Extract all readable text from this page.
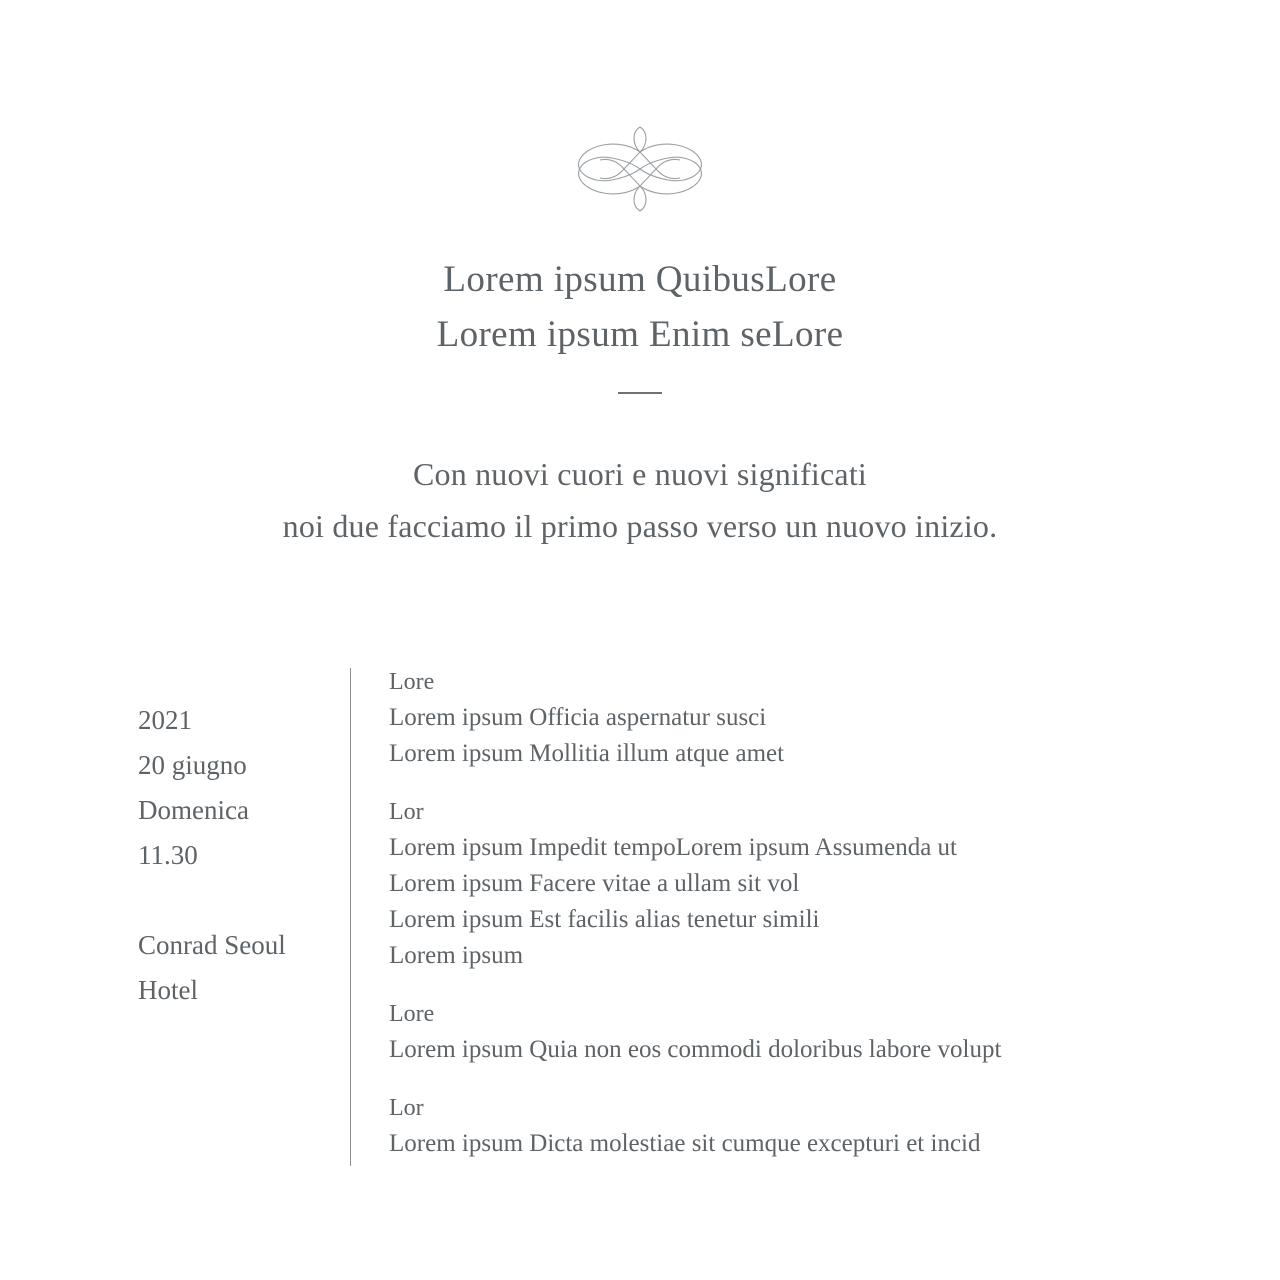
Lorem ipsum QuibusLore
Lorem ipsum Enim seLore
Con nuovi cuori e nuovi significati
noi due facciamo il primo passo verso un nuovo inizio.
2021
20 giugno
Domenica
11.30

Conrad Seoul
Hotel
Lore
Lorem ipsum Officia aspernatur susci
Lorem ipsum Mollitia illum atque amet
Lor
Lorem ipsum Impedit tempoLorem ipsum Assumenda ut
Lorem ipsum Facere vitae a ullam sit vol
Lorem ipsum Est facilis alias tenetur simili
Lorem ipsum
Lore
Lorem ipsum Quia non eos commodi doloribus labore volupt
Lor
Lorem ipsum Dicta molestiae sit cumque excepturi et incid
